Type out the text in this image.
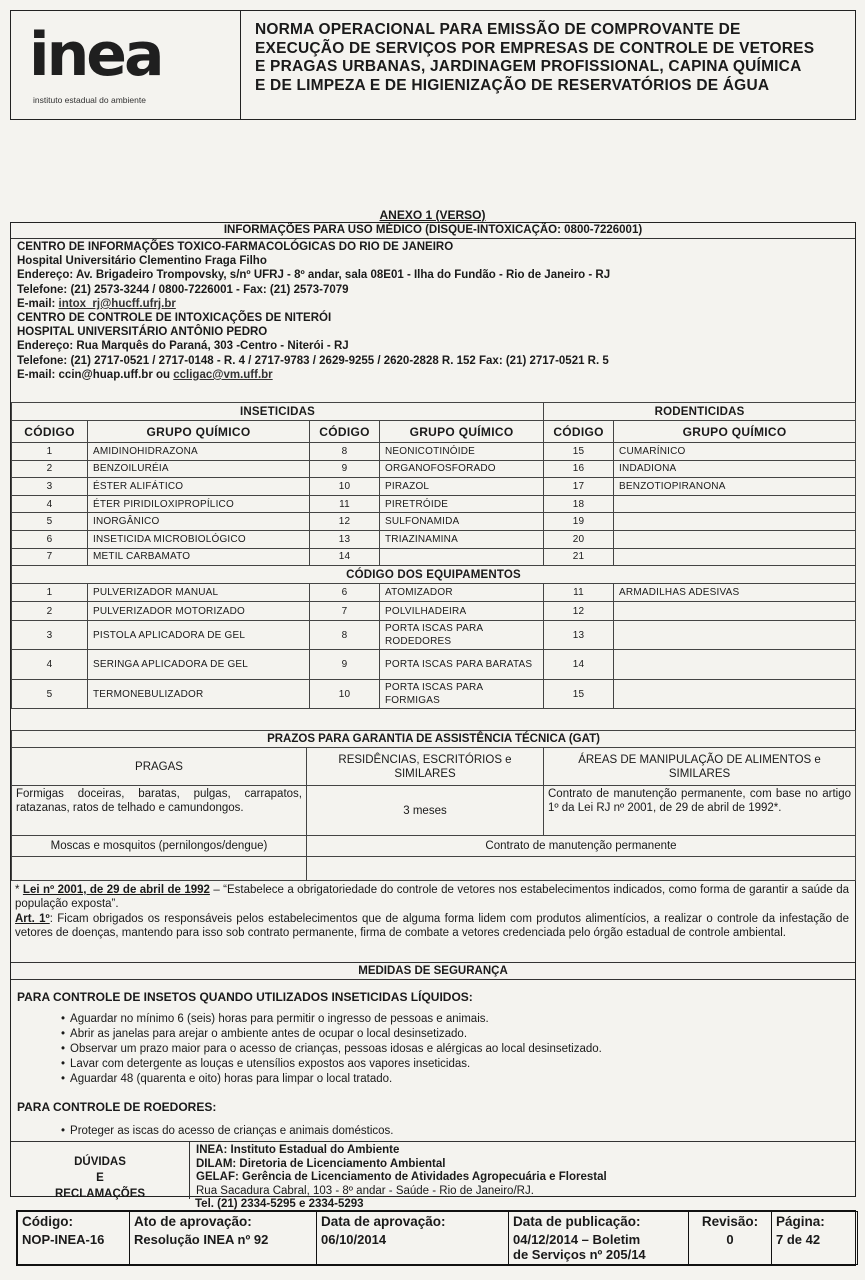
inea
instituto estadual do ambiente
NORMA OPERACIONAL PARA EMISSÃO DE COMPROVANTE DE
EXECUÇÃO DE SERVIÇOS POR EMPRESAS DE CONTROLE DE VETORES
E PRAGAS URBANAS, JARDINAGEM PROFISSIONAL, CAPINA QUÍMICA
E DE LIMPEZA E DE HIGIENIZAÇÃO DE RESERVATÓRIOS DE ÁGUA
ANEXO 1 (VERSO)
INFORMAÇÕES PARA USO MÉDICO (DISQUE-INTOXICAÇÃO: 0800-7226001)
CENTRO DE INFORMAÇÕES TOXICO-FARMACOLÓGICAS DO RIO DE JANEIRO
Hospital Universitário Clementino Fraga Filho
Endereço: Av. Brigadeiro Trompovsky, s/nº UFRJ - 8º andar, sala 08E01 - Ilha do Fundão - Rio de Janeiro - RJ
Telefone: (21) 2573-3244 / 0800-7226001 - Fax: (21) 2573-7079
E-mail: intox_rj@hucff.ufrj.br
CENTRO DE CONTROLE DE INTOXICAÇÕES DE NITERÓI
HOSPITAL UNIVERSITÁRIO ANTÔNIO PEDRO
Endereço: Rua Marquês do Paraná, 303 -Centro - Niterói - RJ
Telefone: (21) 2717-0521 / 2717-0148 - R. 4 / 2717-9783 / 2629-9255 / 2620-2828 R. 152 Fax: (21) 2717-0521 R. 5
E-mail: ccin@huap.uff.br ou ccligac@vm.uff.br
INSETICIDAS				RODENTICIDAS	
CÓDIGO	GRUPO QUÍMICO	CÓDIGO	GRUPO QUÍMICO	CÓDIGO	GRUPO QUÍMICO
1	AMIDINOHIDRAZONA	8	NEONICOTINÓIDE	15	CUMARÍNICO
2	BENZOILURÉIA	9	ORGANOFOSFORADO	16	INDADIONA
3	ÉSTER ALIFÁTICO	10	PIRAZOL	17	BENZOTIOPIRANONA
4	ÉTER PIRIDILOXIPROPÍLICO	11	PIRETRÓIDE	18	
5	INORGÂNICO	12	SULFONAMIDA	19	
6	INSETICIDA MICROBIOLÓGICO	13	TRIAZINAMINA	20	
7	METIL CARBAMATO	14		21	
CÓDIGO DOS EQUIPAMENTOS					
1	PULVERIZADOR MANUAL	6	ATOMIZADOR	11	ARMADILHAS ADESIVAS
2	PULVERIZADOR MOTORIZADO	7	POLVILHADEIRA	12	
3	PISTOLA APLICADORA DE GEL	8	PORTA ISCAS PARA RODEDORES	13	
4	SERINGA APLICADORA DE GEL	9	PORTA ISCAS PARA BARATAS	14	
5	TERMONEBULIZADOR	10	PORTA ISCAS PARA FORMIGAS	15	
PRAZOS PARA GARANTIA DE ASSISTÊNCIA TÉCNICA (GAT)		
PRAGAS	RESIDÊNCIAS, ESCRITÓRIOS e SIMILARES	ÁREAS DE MANIPULAÇÃO DE ALIMENTOS e SIMILARES
Formigas doceiras, baratas, pulgas, carrapatos, ratazanas, ratos de telhado e camundongos.	3 meses	Contrato de manutenção permanente, com base no artigo 1º da Lei RJ nº 2001, de 29 de abril de 1992*.
Moscas e mosquitos (pernilongos/dengue)	Contrato de manutenção permanente	

* Lei nº 2001, de 29 de abril de 1992 – “Estabelece a obrigatoriedade do controle de vetores nos estabelecimentos indicados, como forma de garantir a saúde da população exposta”.
Art. 1º: Ficam obrigados os responsáveis pelos estabelecimentos que de alguma forma lidem com produtos alimentícios, a realizar o controle da infestação de vetores de doenças, mantendo para isso sob contrato permanente, firma de combate a vetores credenciada pelo órgão estadual de controle ambiental.
MEDIDAS DE SEGURANÇA
PARA CONTROLE DE INSETOS QUANDO UTILIZADOS INSETICIDAS LÍQUIDOS:
• Aguardar no mínimo 6 (seis) horas para permitir o ingresso de pessoas e animais.
• Abrir as janelas para arejar o ambiente antes de ocupar o local desinsetizado.
• Observar um prazo maior para o acesso de crianças, pessoas idosas e alérgicas ao local desinsetizado.
• Lavar com detergente as louças e utensílios expostos aos vapores inseticidas.
• Aguardar 48 (quarenta e oito) horas para limpar o local tratado.
PARA CONTROLE DE ROEDORES:
• Proteger as iscas do acesso de crianças e animais domésticos.
DÚVIDAS
E
RECLAMAÇÕES
INEA: Instituto Estadual do Ambiente
DILAM: Diretoria de Licenciamento Ambiental
GELAF: Gerência de Licenciamento de Atividades Agropecuária e Florestal
Rua Sacadura Cabral, 103 - 8º andar - Saúde - Rio de Janeiro/RJ.
Tel. (21) 2334-5295 e 2334-5293
Código:
NOP-INEA-16

Ato de aprovação:
Resolução INEA nº 92

Data de aprovação:
06/10/2014

Data de publicação:
04/12/2014 – Boletim
de Serviços nº 205/14

Revisão:
0

Página:
7 de 42
